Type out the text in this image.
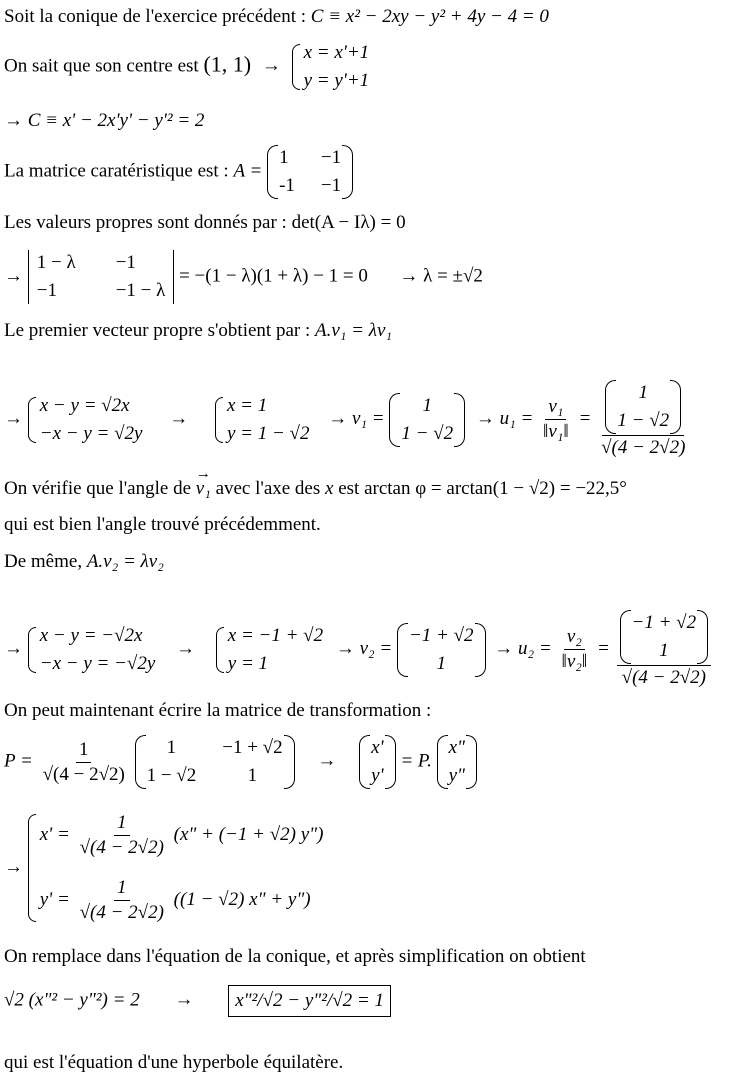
Soit la conique de l'exercice précédent : C ≡ x² − 2xy − y² + 4y − 4 = 0
On sait que son centre est (1, 1) →
x = x'+1
y = y'+1
→ C ≡ x' − 2x'y' − y'² = 2
La matrice caratéristique est : A =
1	−1
-1 −1
Les valeurs propres sont donnés par : det(A − Iλ) = 0
→
1 − λ −1
−1	−1 − λ
= −(1 − λ)(1 + λ) − 1 = 0 → λ = ±√2
Le premier vecteur propre s'obtient par : A.v₁ = λv₁
→
x − y = √2x
−x − y = √2y
→
x = 1
y = 1 − √2
→ v₁ =
1
1 − √2
→ $u_1 = \frac{\text{v₁}}{\text{‖v₁‖}} = 1$
1 − √2
√(4 − 2√2)
On vérifie que l'angle de v₁ → avec l'axe des x est arctan φ = arctan(1 − √2) = −22,5°
qui est bien l'angle trouvé précédemment.
De même, A.v₂ = λv₂
→
x − y = −√2x
−x − y = −√2y
→
x = −1 + √2
y = 1
→ v₂ =
−1 + √2
1
→ $u_2 = \frac{\text{v₂}}{\text{‖v₂‖}} = -1 + √2$
1
√(4 − 2√2)
On peut maintenant écrire la matrice de transformation :
$P = \frac{1}{√(4 - 2√2)}$
1 −1 + √2
1 − √2	1
→
x'
y'
= P.
x"
y"
→
$x' = \frac{1}{√(4 - 2√2)} (x$" + (−1 + √2) y")
$y' = \frac{1}{√(4 - 2√2)} ((1 - √2) x$" + y")
On remplace dans l'équation de la conique, et après simplification on obtient
√2 (x"² − y"²) = 2 → x"²/√2 − y"²/√2 = 1
qui est l'équation d'une hyperbole équilatère.
